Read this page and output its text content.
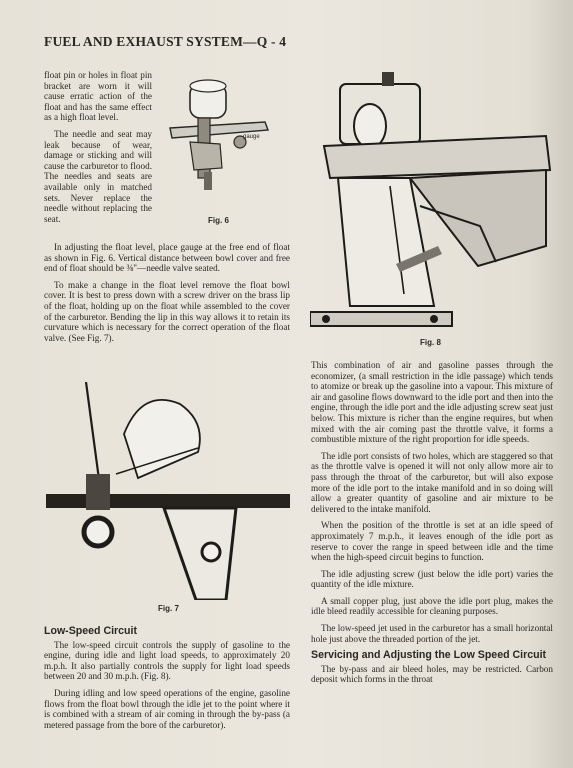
FUEL AND EXHAUST SYSTEM—Q - 4

float pin or holes in float pin bracket are worn it will cause erratic action of the float and has the same effect as a high float level.

The needle and seat may leak because of wear, damage or sticking and will cause the carburetor to flood. The needles and seats are available only in matched sets. Never replace the needle without replacing the seat.

gauge
Fig. 6

In adjusting the float level, place gauge at the free end of float as shown in Fig. 6. Vertical distance between bowl cover and free end of float should be ⅜"—needle valve seated.

To make a change in the float level remove the float bowl cover. It is best to press down with a screw driver on the brass lip of the float, holding up on the float while assembled to the cover of the carburetor. Bending the lip in this way allows it to retain its curvature which is necessary for the correct operation of the float valve. (See Fig. 7).

Fig. 7
Low-Speed Circuit

The low-speed circuit controls the supply of gasoline to the engine, during idle and light load speeds, to approximately 20 m.p.h. It also partially controls the supply for light load speeds between 20 and 30 m.p.h. (Fig. 8).

During idling and low speed operations of the engine, gasoline flows from the float bowl through the idle jet to the point where it is combined with a stream of air coming in through the by-pass (a metered passage from the bore of the carburetor).

Fig. 8

This combination of air and gasoline passes through the economizer, (a small restriction in the idle passage) which tends to atomize or break up the gasoline into a vapour. This mixture of air and gasoline flows downward to the idle port and then into the engine, through the idle port and the idle adjusting screw seat just below. This mixture is richer than the engine requires, but when mixed with the air coming past the throttle valve, it forms a combustible mixture of the right proportion for idle speeds.

The idle port consists of two holes, which are staggered so that as the throttle valve is opened it will not only allow more air to pass through the throat of the carburetor, but will also expose more of the idle port to the intake manifold and in so doing will allow a greater quantity of gasoline and air mixture to be delivered to the intake manifold.

When the position of the throttle is set at an idle speed of approximately 7 m.p.h., it leaves enough of the idle port as reserve to cover the range in speed between idle and the time when the high-speed circuit begins to function.

The idle adjusting screw (just below the idle port) varies the quantity of the idle mixture.

A small copper plug, just above the idle port plug, makes the idle bleed readily accessible for cleaning purposes.

The low-speed jet used in the carburetor has a small horizontal hole just above the threaded portion of the jet.

Servicing and Adjusting the Low Speed Circuit

The by-pass and air bleed holes, may be restricted. Carbon deposit which forms in the throat
